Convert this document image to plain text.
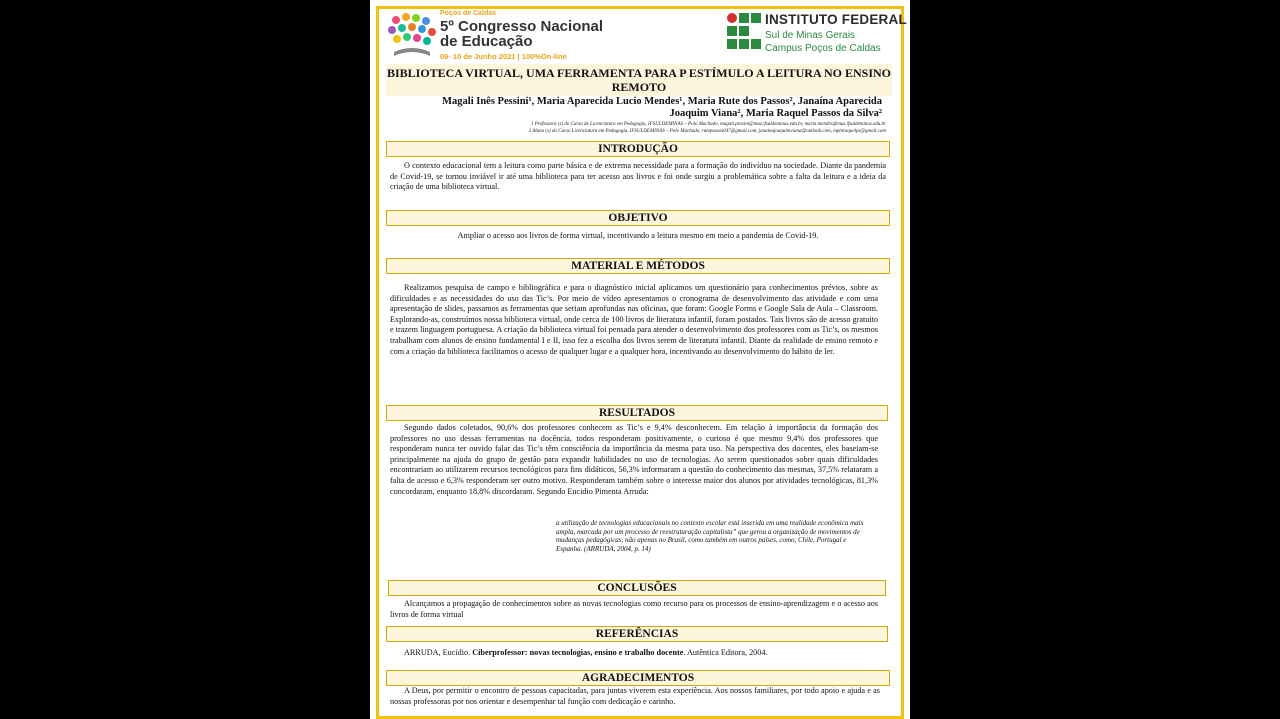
Poços de Caldas
5º Congresso Nacional
de Educação
09- 10 de Junho 2021 | 100%On-line
INSTITUTO FEDERAL
Sul de Minas Gerais
Campus Poços de Caldas
BIBLIOTECA VIRTUAL, UMA FERRAMENTA PARA P ESTÍMULO A LEITURA NO ENSINO REMOTO
Magali Inês Pessini¹, Maria Aparecida Lucio Mendes¹, Maria Rute dos Passos², Janaína Aparecida
Joaquim Viana², Maria Raquel Passos da Silva²
1 Professora (s) do Curso de Licenciatura em Pedagogia, IFSULDEMINAS – Polo Machado, magali.pessini@muz.ifsuldeminas.edu.br, maria.mendes@muz.ifsuldeminas.edu.br
2 Aluna (s) do Curso Licenciatura em Pedagogia, IFSULDEMINAS – Polo Machado, rutepassos047@gmail.com, janainajoaquimviana@outlook.com, mpmraquelps@gmail.com
INTRODUÇÃO
O contexto educacional tem a leitura como parte básica e de extrema necessidade para a formação do indivíduo na sociedade. Diante da pandemia de Covid-19, se tornou inviável ir até uma biblioteca para ter acesso aos livros e foi onde surgiu a problemática sobre a falta da leitura e a ideia da criação de uma biblioteca virtual.
OBJETIVO
Ampliar o acesso aos livros de forma virtual, incentivando a leitura mesmo em meio a pandemia de Covid-19.
MATERIAL E MÉTODOS
Realizamos pesquisa de campo e bibliográfica e para o diagnóstico inicial aplicamos um questionário para conhecimentos prévios, sobre as dificuldades e as necessidades do uso das Tic’s. Por meio de vídeo apresentamos o cronograma de desenvolvimento das atividade e com uma apresentação de slides, passamos as ferramentas que seriam aprofundas nas oficinas, que foram: Google Forms e Google Sala de Aula – Classroom. Explorando-as, construímos nossa biblioteca virtual, onde cerca de 100 livros de literatura infantil, foram postados. Tais livros são de acesso gratuito e trazem linguagem portuguesa. A criação da biblioteca virtual foi pensada para atender o desenvolvimento dos professores com as Tic’s, os mesmos trabalham com alunos de ensino fundamental I e II, isso fez a escolha dos livros serem de literatura infantil. Diante da realidade de ensino remoto e com a criação da biblioteca facilitamos o acesso de qualquer lugar e a qualquer hora, incentivando ao desenvolvimento do hábito de ler.
RESULTADOS
Segundo dados coletados, 90,6% dos professores conhecem as Tic’s e 9,4% desconhecem. Em relação à importância da formação dos professores no uso dessas ferramentas na docência, todos responderam positivamente, o curioso é que mesmo 9,4% dos professores que responderam nunca ter ouvido falar das Tic’s têm consciência da importância da mesma para uso. Na perspectiva dos docentes, eles baseiam-se principalmente na ajuda do grupo de gestão para expandir habilidades no uso de tecnologias. Ao serem questionados sobre quais dificuldades encontrariam ao utilizarem recursos tecnológicos para fins didáticos, 56,3% informaram a questão do conhecimento das mesmas, 37,5% relataram a falta de acesso e 6,3% responderam ser outro motivo. Responderam também sobre o interesse maior dos alunos por atividades tecnológicas, 81,3% concordaram, enquanto 18,8% discordaram. Segundo Eucidio Pimenta Arruda:
a utilização de tecnologias educacionais no contexto escolar está inserida em uma realidade econômica mais ampla, marcada por um processo de reestruturação capitalista” que gerou a organização de movimentos de mudanças pedagógicas, não apenas no Brasil, como também em outros países, como, Chile, Portugal e Espanha. (ARRUDA, 2004, p. 14)
CONCLUSÕES
Alcançamos a propagação de conhecimentos sobre as novas tecnologias como recurso para os processos de ensino-aprendizagem e o acesso aos livros de forma virtual
REFERÊNCIAS
ARRUDA, Eucídio. Ciberprofessor: novas tecnologias, ensino e trabalho docente. Autêntica Editora, 2004.
AGRADECIMENTOS
A Deus, por permitir o encontro de pessoas capacitadas, para juntas viverem esta experiência. Aos nossos familiares, por todo apoio e ajuda e as nossas professoras por nos orientar e desempenhar tal função com dedicação e carinho.
